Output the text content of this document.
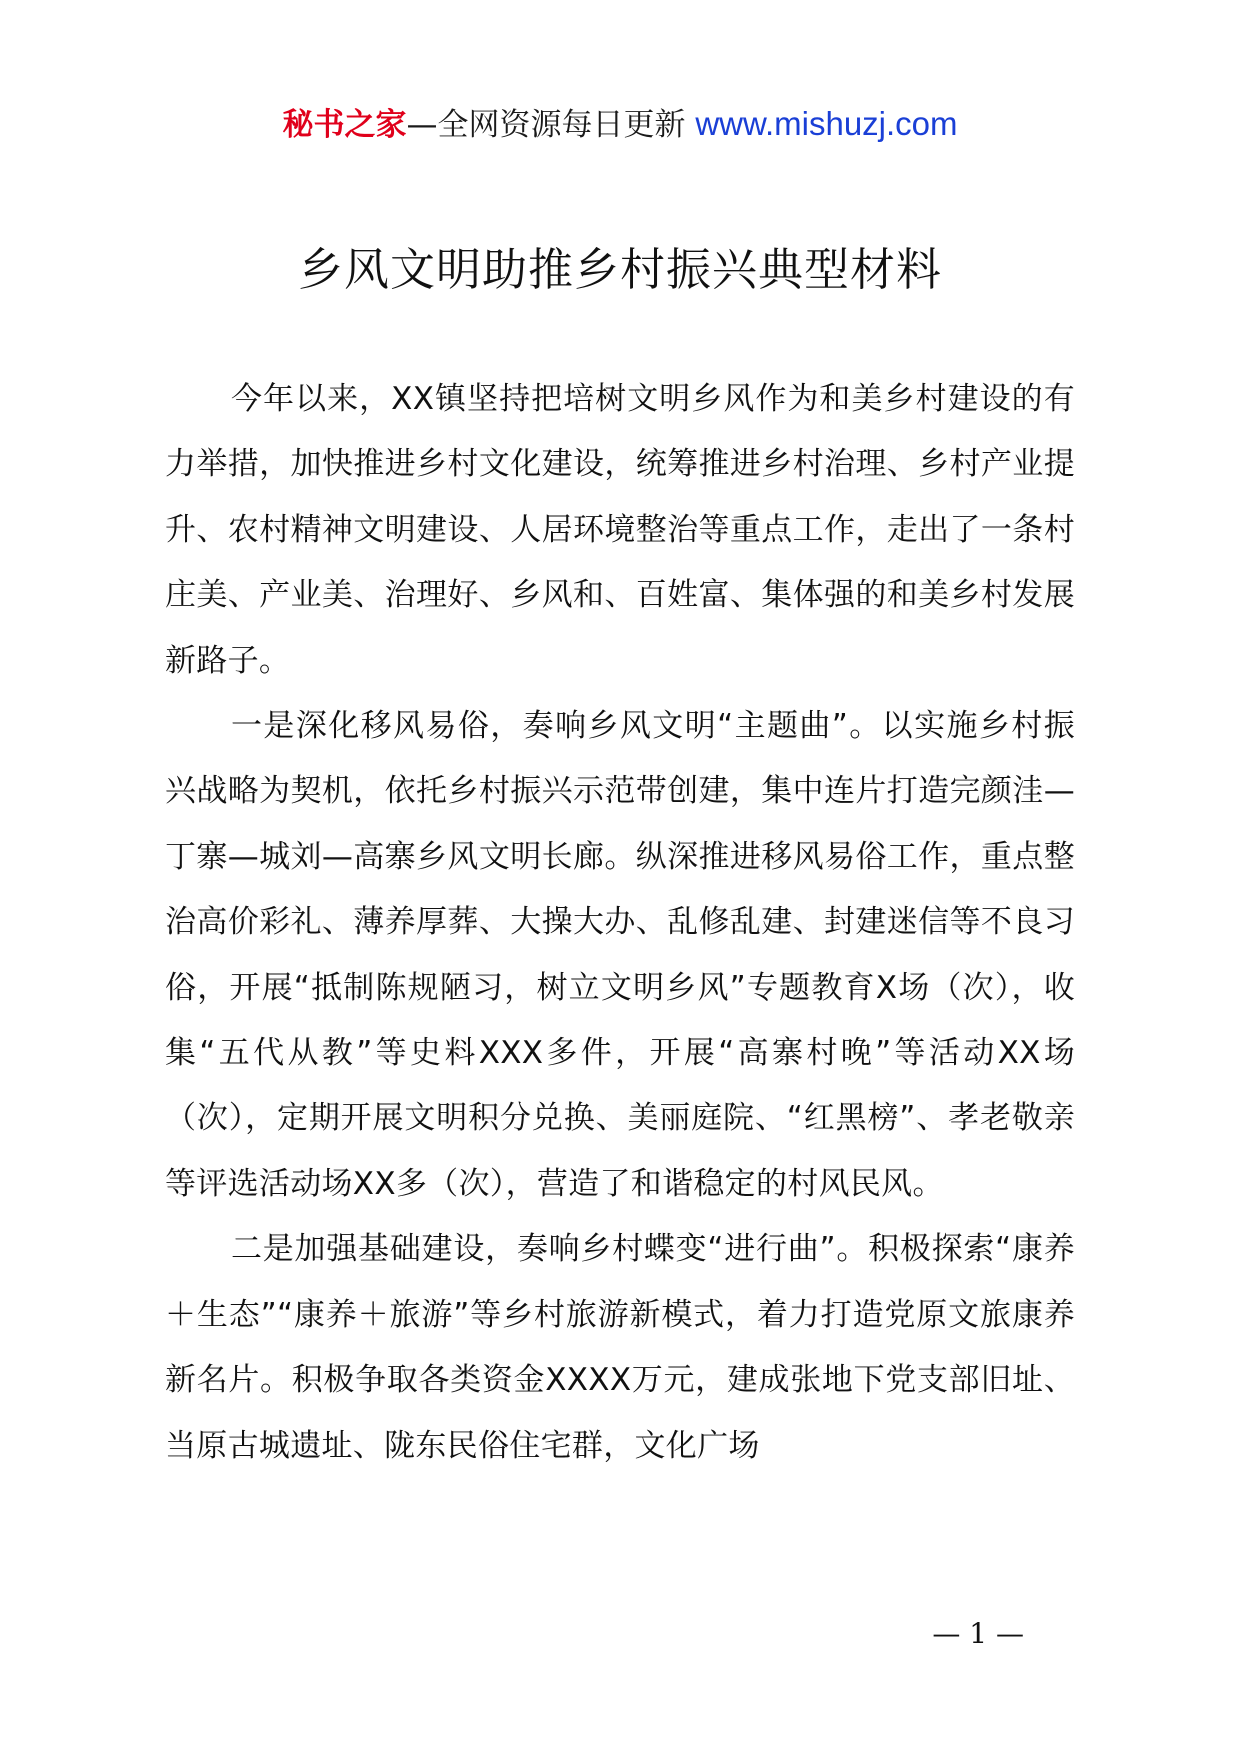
秘书之家—全网资源每日更新 www.mishuzj.com
乡风文明助推乡村振兴典型材料

今年以来，XX镇坚持把培树文明乡风作为和美乡村建设的有力举措，加快推进乡村文化建设，统筹推进乡村治理、乡村产业提升、农村精神文明建设、人居环境整治等重点工作，走出了一条村庄美、产业美、治理好、乡风和、百姓富、集体强的和美乡村发展新路子。

一是深化移风易俗，奏响乡风文明“主题曲”。以实施乡村振兴战略为契机，依托乡村振兴示范带创建，集中连片打造完颜洼—丁寨—城刘—高寨乡风文明长廊。纵深推进移风易俗工作，重点整治高价彩礼、薄养厚葬、大操大办、乱修乱建、封建迷信等不良习俗，开展“抵制陈规陋习，树立文明乡风”专题教育X场（次），收集“五代从教”等史料XXX多件，开展“高寨村晚”等活动XX场（次），定期开展文明积分兑换、美丽庭院、“红黑榜”、孝老敬亲等评选活动场XX多（次），营造了和谐稳定的村风民风。

二是加强基础建设，奏响乡村蝶变“进行曲”。积极探索“康养＋生态”“康养＋旅游”等乡村旅游新模式，着力打造党原文旅康养新名片。积极争取各类资金XXXX万元，建成张地下党支部旧址、当原古城遗址、陇东民俗住宅群，文化广场

— 1 —
